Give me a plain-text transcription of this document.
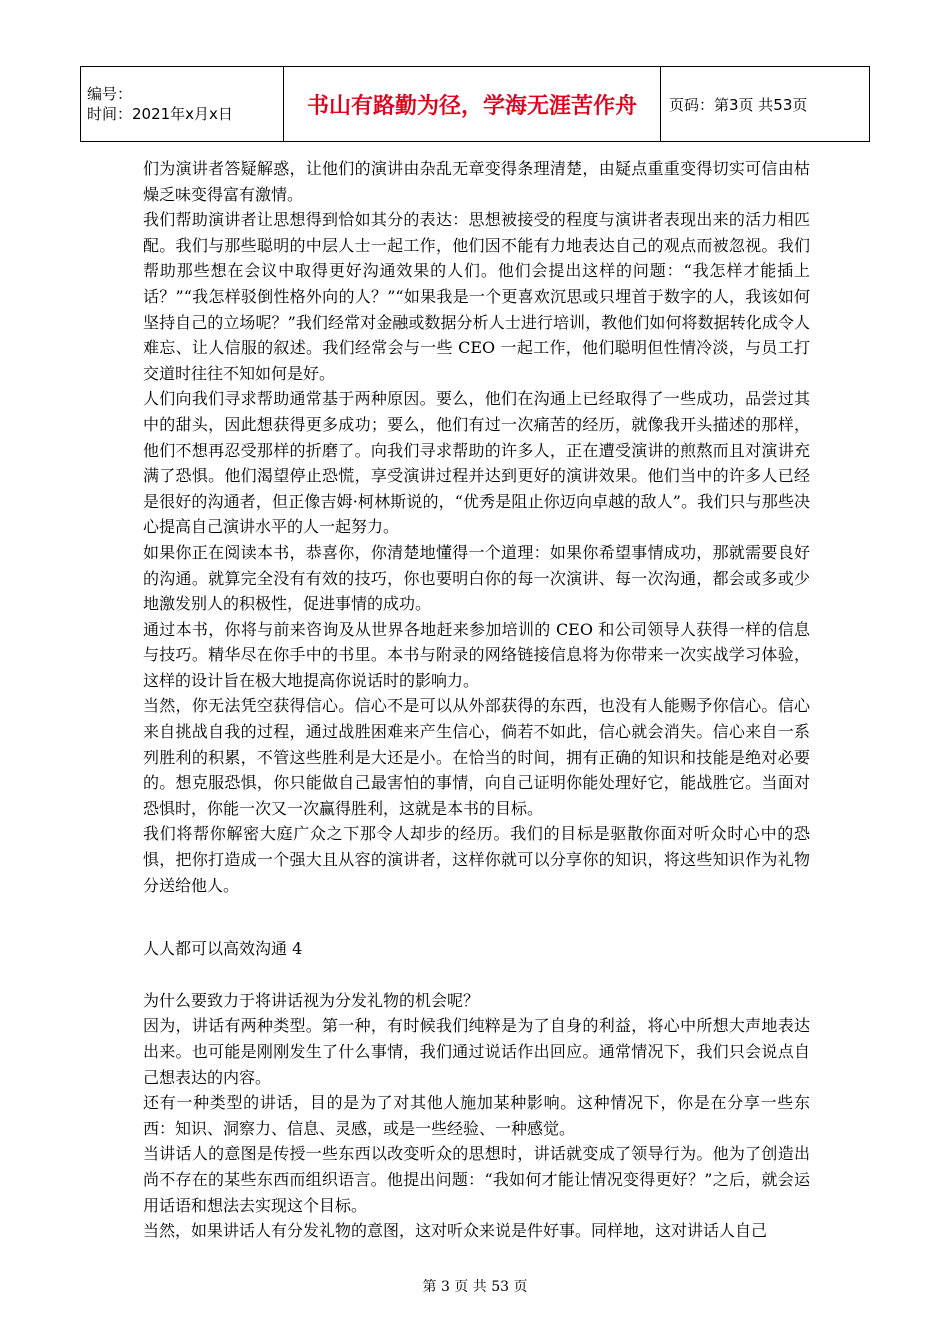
编号：
时间：2021年x月x日	书山有路勤为径，学海无涯苦作舟	页码：第3页 共53页

们为演讲者答疑解惑，让他们的演讲由杂乱无章变得条理清楚，由疑点重重变得切实可信由枯燥乏味变得富有激情。

我们帮助演讲者让思想得到恰如其分的表达：思想被接受的程度与演讲者表现出来的活力相匹配。我们与那些聪明的中层人士一起工作，他们因不能有力地表达自己的观点而被忽视。我们帮助那些想在会议中取得更好沟通效果的人们。他们会提出这样的问题：“我怎样才能插上话？”“我怎样驳倒性格外向的人？”“如果我是一个更喜欢沉思或只埋首于数字的人，我该如何坚持自己的立场呢？”我们经常对金融或数据分析人士进行培训，教他们如何将数据转化成令人难忘、让人信服的叙述。我们经常会与一些 CEO 一起工作，他们聪明但性情冷淡，与员工打交道时往往不知如何是好。

人们向我们寻求帮助通常基于两种原因。要么，他们在沟通上已经取得了一些成功，品尝过其中的甜头，因此想获得更多成功；要么，他们有过一次痛苦的经历，就像我开头描述的那样，他们不想再忍受那样的折磨了。向我们寻求帮助的许多人，正在遭受演讲的煎熬而且对演讲充满了恐惧。他们渴望停止恐慌，享受演讲过程并达到更好的演讲效果。他们当中的许多人已经是很好的沟通者，但正像吉姆·柯林斯说的，“优秀是阻止你迈向卓越的敌人”。我们只与那些决心提高自己演讲水平的人一起努力。

如果你正在阅读本书，恭喜你，你清楚地懂得一个道理：如果你希望事情成功，那就需要良好的沟通。就算完全没有有效的技巧，你也要明白你的每一次演讲、每一次沟通，都会或多或少地激发别人的积极性，促进事情的成功。

通过本书，你将与前来咨询及从世界各地赶来参加培训的 CEO 和公司领导人获得一样的信息与技巧。精华尽在你手中的书里。本书与附录的网络链接信息将为你带来一次实战学习体验，这样的设计旨在极大地提高你说话时的影响力。

当然，你无法凭空获得信心。信心不是可以从外部获得的东西，也没有人能赐予你信心。信心来自挑战自我的过程，通过战胜困难来产生信心，倘若不如此，信心就会消失。信心来自一系列胜利的积累，不管这些胜利是大还是小。在恰当的时间，拥有正确的知识和技能是绝对必要的。想克服恐惧，你只能做自己最害怕的事情，向自己证明你能处理好它，能战胜它。当面对恐惧时，你能一次又一次赢得胜利，这就是本书的目标。

我们将帮你解密大庭广众之下那令人却步的经历。我们的目标是驱散你面对听众时心中的恐惧，把你打造成一个强大且从容的演讲者，这样你就可以分享你的知识，将这些知识作为礼物分送给他人。

人人都可以高效沟通 4

为什么要致力于将讲话视为分发礼物的机会呢？

因为，讲话有两种类型。第一种，有时候我们纯粹是为了自身的利益，将心中所想大声地表达出来。也可能是刚刚发生了什么事情，我们通过说话作出回应。通常情况下，我们只会说点自己想表达的内容。

还有一种类型的讲话，目的是为了对其他人施加某种影响。这种情况下，你是在分享一些东西：知识、洞察力、信息、灵感，或是一些经验、一种感觉。

当讲话人的意图是传授一些东西以改变听众的思想时，讲话就变成了领导行为。他为了创造出尚不存在的某些东西而组织语言。他提出问题：“我如何才能让情况变得更好？”之后，就会运用话语和想法去实现这个目标。

当然，如果讲话人有分发礼物的意图，这对听众来说是件好事。同样地，这对讲话人自己

第 3 页 共 53 页
